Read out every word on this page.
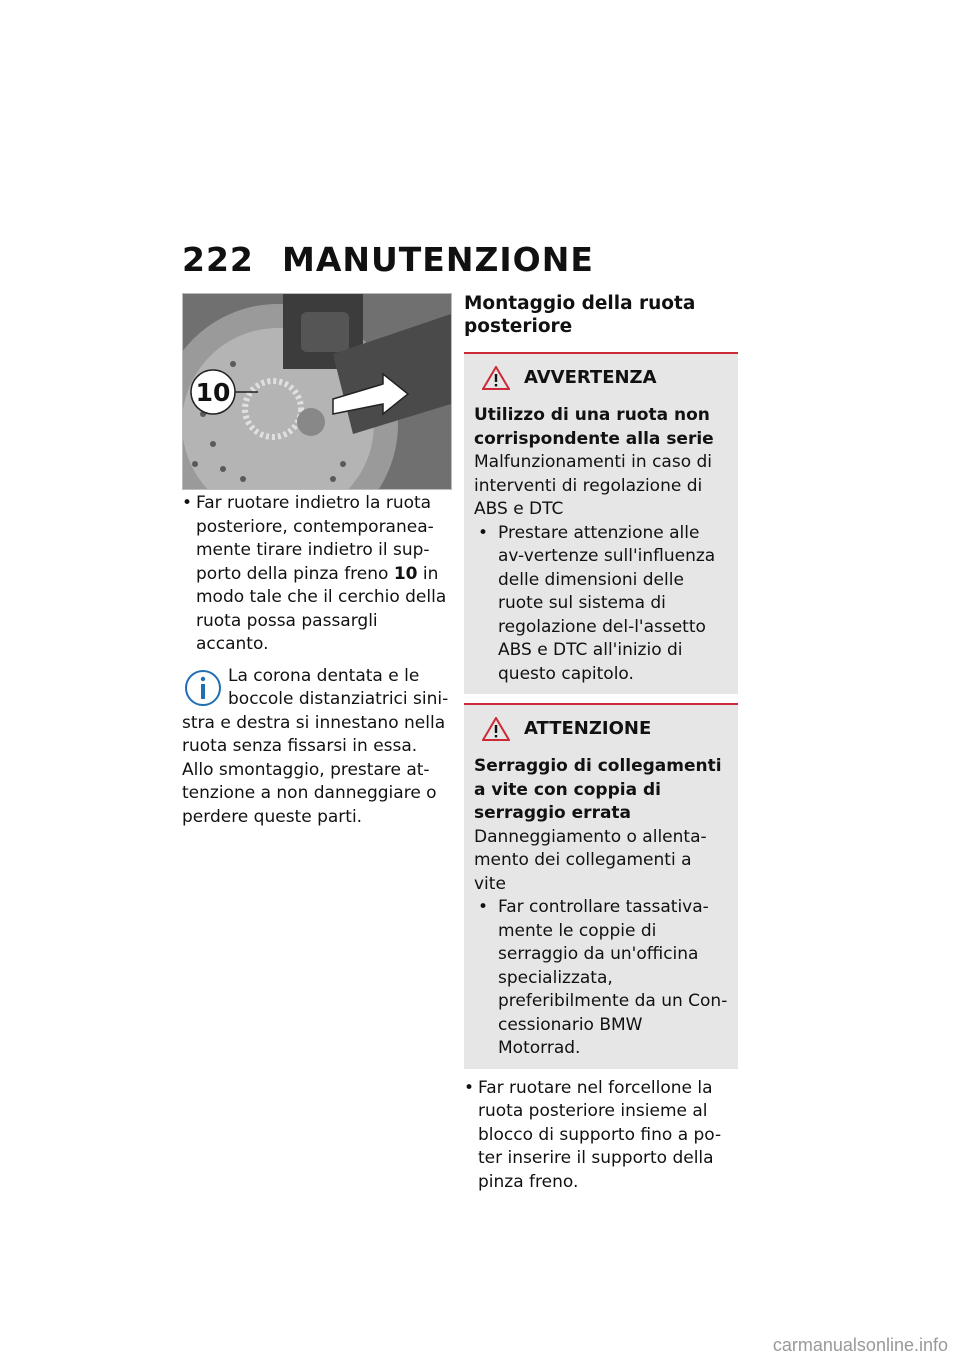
222 MANUTENZIONE
10
• Far ruotare indietro la ruota posteriore, contemporanea-mente tirare indietro il sup-porto della pinza freno 10 in modo tale che il cerchio della ruota possa passargli accanto.
La corona dentata e le boccole distanziatrici sini-stra e destra si innestano nella ruota senza fissarsi in essa. Allo smontaggio, prestare at-tenzione a non danneggiare o perdere queste parti.
Montaggio della ruota posteriore
AVVERTENZA
Utilizzo di una ruota non corrispondente alla serie
Malfunzionamenti in caso di interventi di regolazione di ABS e DTC
• Prestare attenzione alle av-vertenze sull'influenza delle dimensioni delle ruote sul sistema di regolazione del-l'assetto ABS e DTC all'inizio di questo capitolo.
ATTENZIONE
Serraggio di collegamenti a vite con coppia di serraggio errata
Danneggiamento o allenta-mento dei collegamenti a vite
• Far controllare tassativa-mente le coppie di serraggio da un'officina specializzata, preferibilmente da un Con-cessionario BMW Motorrad.
• Far ruotare nel forcellone la ruota posteriore insieme al blocco di supporto fino a po-ter inserire il supporto della pinza freno.
carmanualsonline.info
